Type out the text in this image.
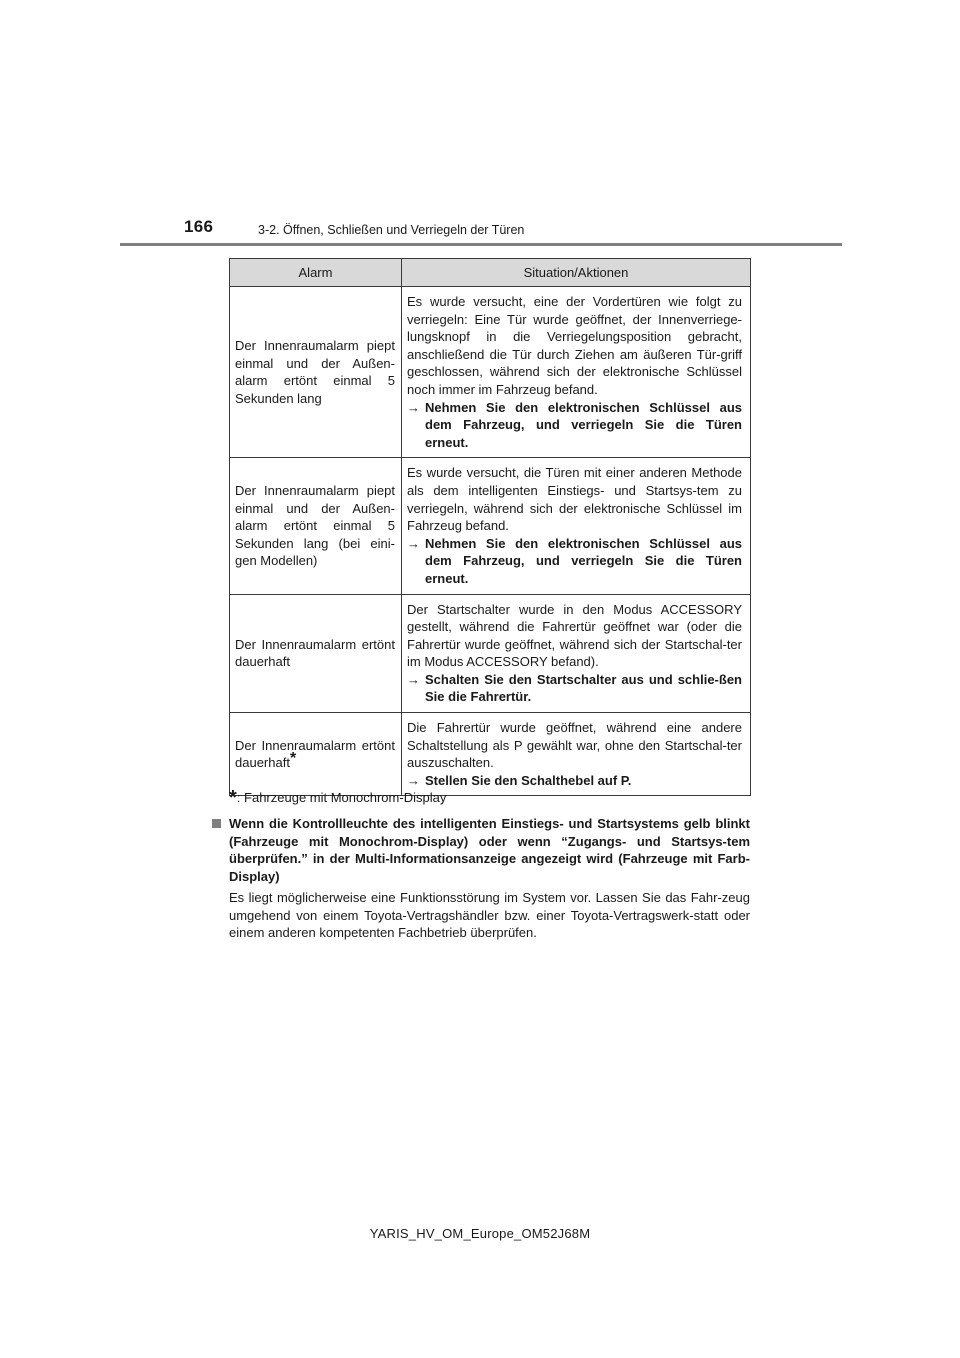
166	3-2. Öffnen, Schließen und Verriegeln der Türen
Alarm	Situation/Aktionen
Der Innenraumalarm piept einmal und der Außen-alarm ertönt einmal 5 Sekunden lang	Es wurde versucht, eine der Vordertüren wie folgt zu verriegeln: Eine Tür wurde geöffnet, der Innenverriege-lungsknopf in die Verriegelungsposition gebracht, anschließend die Tür durch Ziehen am äußeren Tür-griff geschlossen, während sich der elektronische Schlüssel noch immer im Fahrzeug befand.
→ Nehmen Sie den elektronischen Schlüssel aus dem Fahrzeug, und verriegeln Sie die Türen erneut.

Der Innenraumalarm piept einmal und der Außen-alarm ertönt einmal 5 Sekunden lang (bei eini-gen Modellen)	Es wurde versucht, die Türen mit einer anderen Methode als dem intelligenten Einstiegs- und Startsys-tem zu verriegeln, während sich der elektronische Schlüssel im Fahrzeug befand.
→ Nehmen Sie den elektronischen Schlüssel aus dem Fahrzeug, und verriegeln Sie die Türen erneut.

Der Innenraumalarm ertönt dauerhaft	Der Startschalter wurde in den Modus ACCESSORY gestellt, während die Fahrertür geöffnet war (oder die Fahrertür wurde geöffnet, während sich der Startschal-ter im Modus ACCESSORY befand).
→ Schalten Sie den Startschalter aus und schlie-ßen Sie die Fahrertür.

Der Innenraumalarm ertönt dauerhaft*	Die Fahrertür wurde geöffnet, während eine andere Schaltstellung als P gewählt war, ohne den Startschal-ter auszuschalten.
→ Stellen Sie den Schalthebel auf P.
*: Fahrzeuge mit Monochrom-Display
Wenn die Kontrollleuchte des intelligenten Einstiegs- und Startsystems gelb blinkt (Fahrzeuge mit Monochrom-Display) oder wenn “Zugangs- und Startsys-tem überprüfen.” in der Multi-Informationsanzeige angezeigt wird (Fahrzeuge mit Farb-Display)
Es liegt möglicherweise eine Funktionsstörung im System vor. Lassen Sie das Fahr-zeug umgehend von einem Toyota-Vertragshändler bzw. einer Toyota-Vertragswerk-statt oder einem anderen kompetenten Fachbetrieb überprüfen.
YARIS_HV_OM_Europe_OM52J68M
